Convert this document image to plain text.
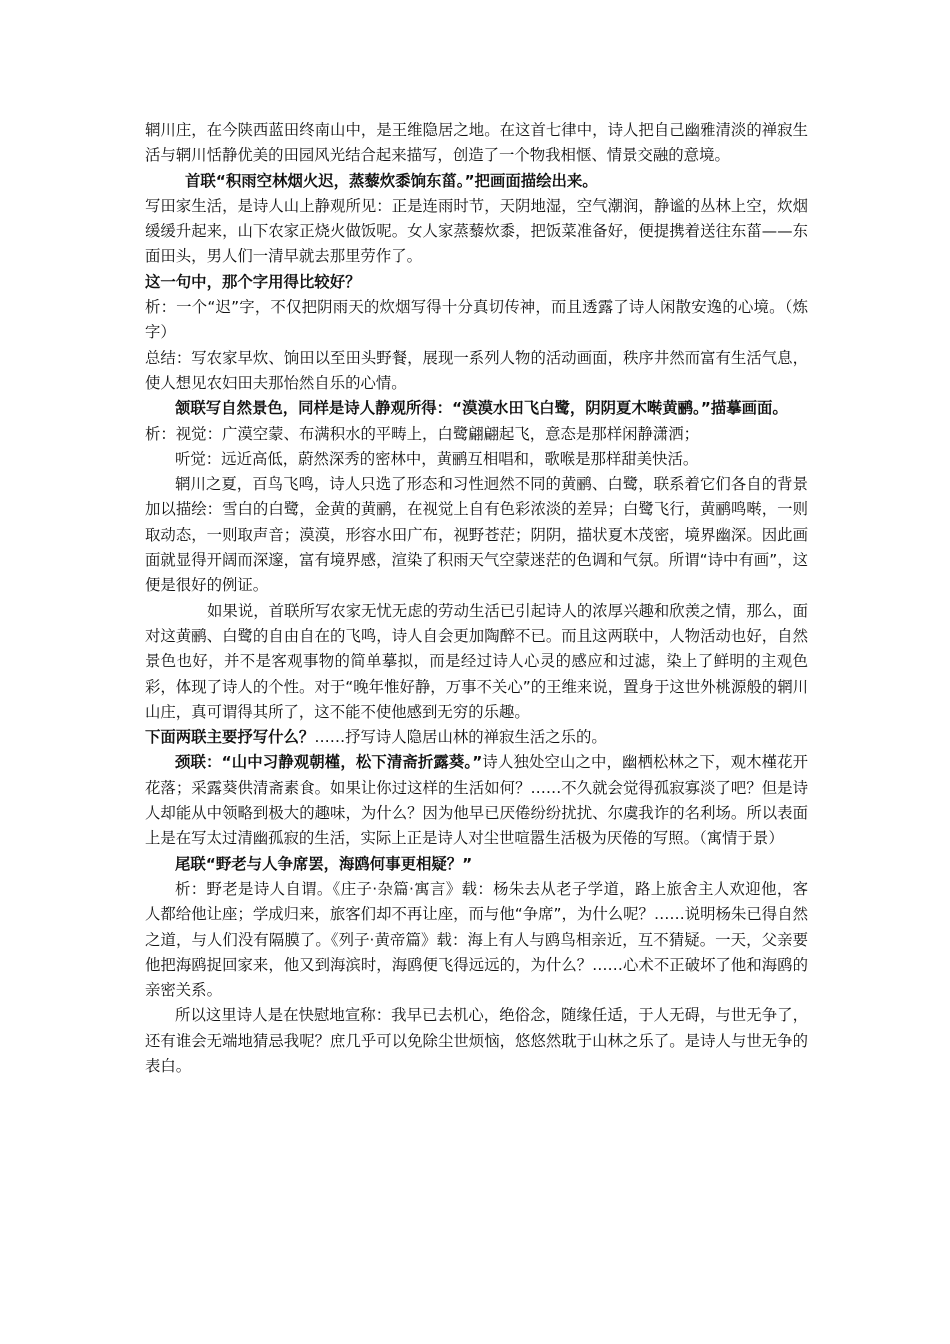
辋川庄，在今陕西蓝田终南山中，是王维隐居之地。在这首七律中，诗人把自己幽雅清淡的禅寂生活与辋川恬静优美的田园风光结合起来描写，创造了一个物我相惬、情景交融的意境。

首联“积雨空林烟火迟，蒸藜炊黍饷东菑。”把画面描绘出来。

写田家生活，是诗人山上静观所见：正是连雨时节，天阴地湿，空气潮润，静谧的丛林上空，炊烟缓缓升起来，山下农家正烧火做饭呢。女人家蒸藜炊黍，把饭菜准备好，便提携着送往东菑——东面田头，男人们一清早就去那里劳作了。

这一句中，那个字用得比较好？

析：一个“迟”字，不仅把阴雨天的炊烟写得十分真切传神，而且透露了诗人闲散安逸的心境。（炼字）

总结：写农家早炊、饷田以至田头野餐，展现一系列人物的活动画面，秩序井然而富有生活气息，使人想见农妇田夫那怡然自乐的心情。

颔联写自然景色，同样是诗人静观所得：“漠漠水田飞白鹭，阴阴夏木啭黄鹂。”描摹画面。

析：视觉：广漠空蒙、布满积水的平畴上，白鹭翩翩起飞，意态是那样闲静潇洒；

听觉：远近高低，蔚然深秀的密林中，黄鹂互相唱和，歌喉是那样甜美快活。

辋川之夏，百鸟飞鸣，诗人只选了形态和习性迥然不同的黄鹂、白鹭，联系着它们各自的背景加以描绘：雪白的白鹭，金黄的黄鹂，在视觉上自有色彩浓淡的差异；白鹭飞行，黄鹂鸣啭，一则取动态，一则取声音；漠漠，形容水田广布，视野苍茫；阴阴，描状夏木茂密，境界幽深。因此画面就显得开阔而深邃，富有境界感，渲染了积雨天气空蒙迷茫的色调和气氛。所谓“诗中有画”，这便是很好的例证。

如果说，首联所写农家无忧无虑的劳动生活已引起诗人的浓厚兴趣和欣羡之情，那么，面对这黄鹂、白鹭的自由自在的飞鸣，诗人自会更加陶醉不已。而且这两联中，人物活动也好，自然景色也好，并不是客观事物的简单摹拟，而是经过诗人心灵的感应和过滤，染上了鲜明的主观色彩，体现了诗人的个性。对于“晚年惟好静，万事不关心”的王维来说，置身于这世外桃源般的辋川山庄，真可谓得其所了，这不能不使他感到无穷的乐趣。

下面两联主要抒写什么？……抒写诗人隐居山林的禅寂生活之乐的。

颈联：“山中习静观朝槿，松下清斋折露葵。”诗人独处空山之中，幽栖松林之下，观木槿花开花落；采露葵供清斋素食。如果让你过这样的生活如何？……不久就会觉得孤寂寡淡了吧？但是诗人却能从中领略到极大的趣味，为什么？因为他早已厌倦纷纷扰扰、尔虞我诈的名利场。所以表面上是在写太过清幽孤寂的生活，实际上正是诗人对尘世喧嚣生活极为厌倦的写照。（寓情于景）

尾联“野老与人争席罢，海鸥何事更相疑？”

析：野老是诗人自谓。《庄子·杂篇·寓言》载：杨朱去从老子学道，路上旅舍主人欢迎他，客人都给他让座；学成归来，旅客们却不再让座，而与他“争席”，为什么呢？……说明杨朱已得自然之道，与人们没有隔膜了。《列子·黄帝篇》载：海上有人与鸥鸟相亲近，互不猜疑。一天，父亲要他把海鸥捉回家来，他又到海滨时，海鸥便飞得远远的，为什么？……心术不正破坏了他和海鸥的亲密关系。

所以这里诗人是在快慰地宣称：我早已去机心，绝俗念，随缘任适，于人无碍，与世无争了，还有谁会无端地猜忌我呢？庶几乎可以免除尘世烦恼，悠悠然耽于山林之乐了。是诗人与世无争的表白。
